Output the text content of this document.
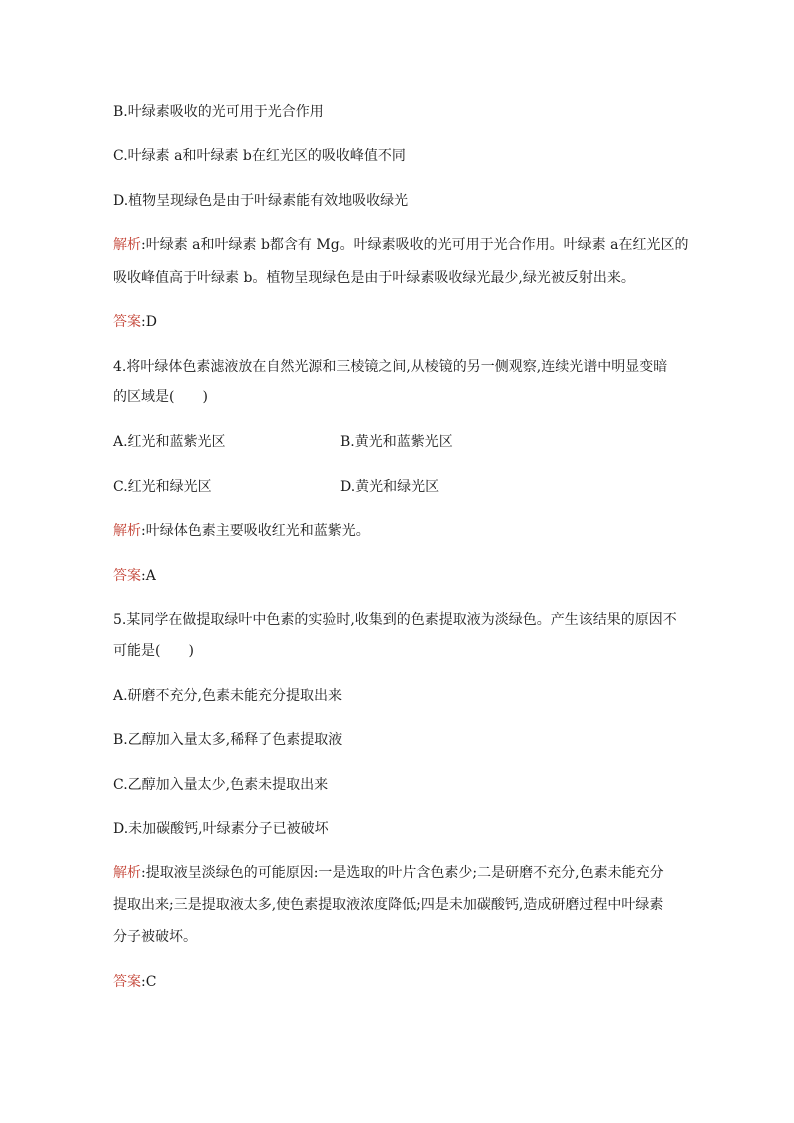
B.叶绿素吸收的光可用于光合作用
C.叶绿素 a和叶绿素 b在红光区的吸收峰值不同
D.植物呈现绿色是由于叶绿素能有效地吸收绿光
解析:叶绿素 a和叶绿素 b都含有 Mg。叶绿素吸收的光可用于光合作用。叶绿素 a在红光区的
吸收峰值高于叶绿素 b。植物呈现绿色是由于叶绿素吸收绿光最少,绿光被反射出来。
答案:D
4.将叶绿体色素滤液放在自然光源和三棱镜之间,从棱镜的另一侧观察,连续光谱中明显变暗
的区域是(　　)
A.红光和蓝紫光区	B.黄光和蓝紫光区
C.红光和绿光区	D.黄光和绿光区
解析:叶绿体色素主要吸收红光和蓝紫光。
答案:A
5.某同学在做提取绿叶中色素的实验时,收集到的色素提取液为淡绿色。产生该结果的原因不
可能是(　　)
A.研磨不充分,色素未能充分提取出来
B.乙醇加入量太多,稀释了色素提取液
C.乙醇加入量太少,色素未提取出来
D.未加碳酸钙,叶绿素分子已被破坏
解析:提取液呈淡绿色的可能原因:一是选取的叶片含色素少;二是研磨不充分,色素未能充分
提取出来;三是提取液太多,使色素提取液浓度降低;四是未加碳酸钙,造成研磨过程中叶绿素
分子被破坏。
答案:C
